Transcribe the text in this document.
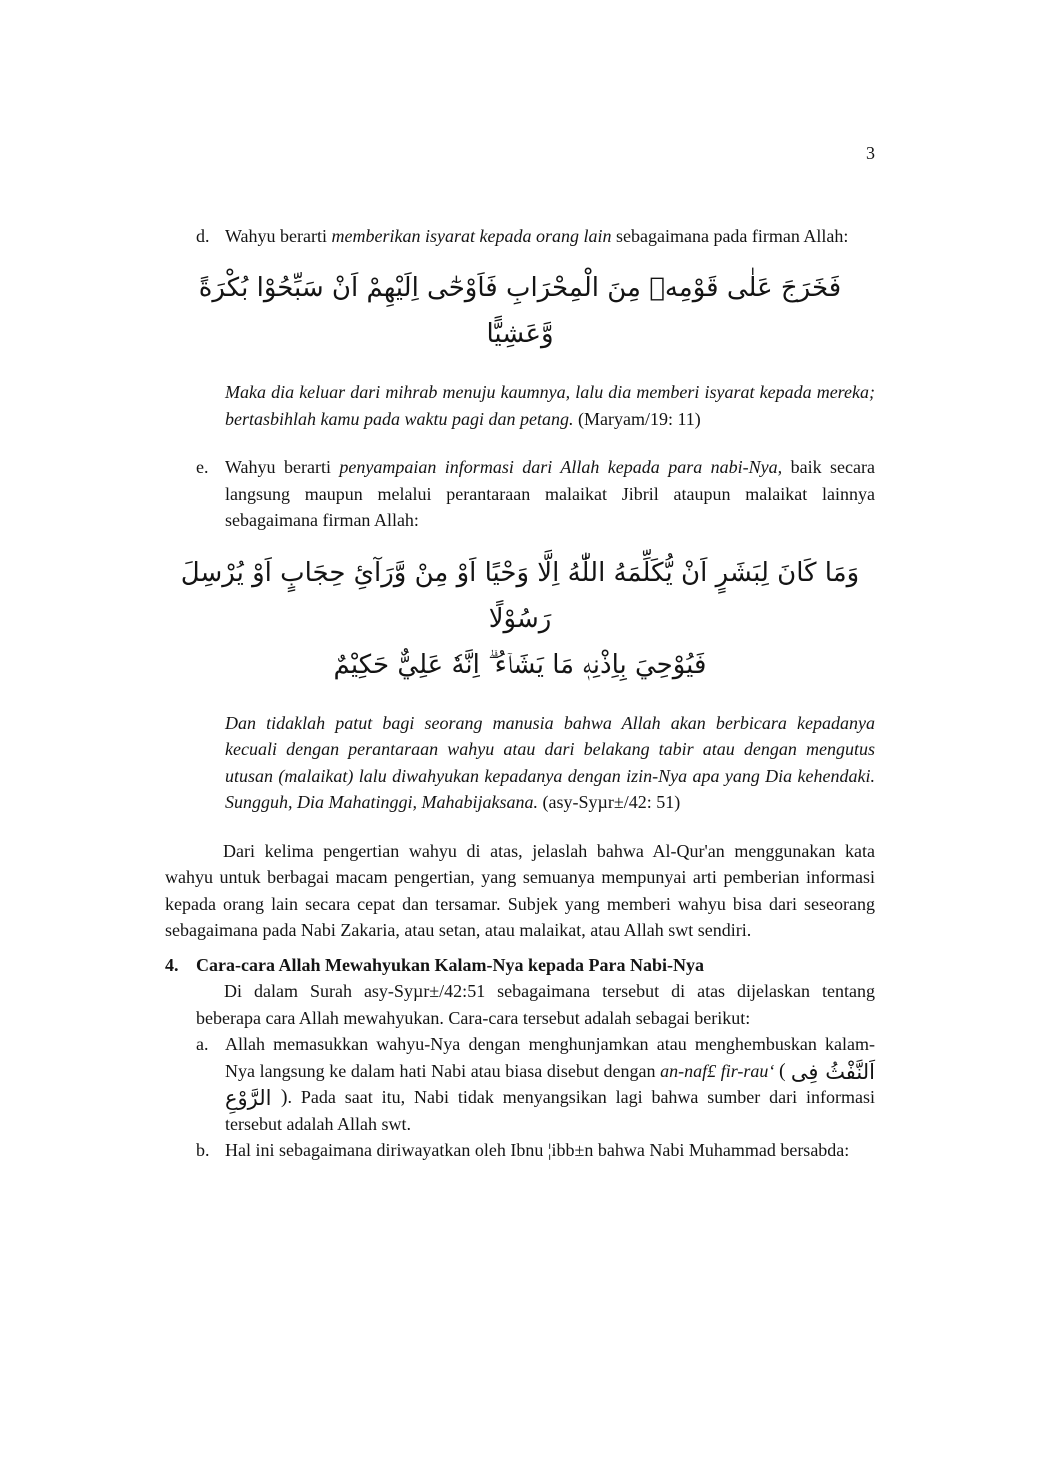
3
d. Wahyu berarti memberikan isyarat kepada orang lain sebagaimana pada firman Allah:
فَخَرَجَ عَلٰى قَوْمِهٖ مِنَ الْمِحْرَابِ فَاَوْحٰٓى اِلَيْهِمْ اَنْ سَبِّحُوْا بُكْرَةً وَّعَشِيًّا
Maka dia keluar dari mihrab menuju kaumnya, lalu dia memberi isyarat kepada mereka; bertasbihlah kamu pada waktu pagi dan petang. (Maryam/19: 11)
e. Wahyu berarti penyampaian informasi dari Allah kepada para nabi-Nya, baik secara langsung maupun melalui perantaraan malaikat Jibril ataupun malaikat lainnya sebagaimana firman Allah:
وَمَا كَانَ لِبَشَرٍ اَنْ يُّكَلِّمَهُ اللّٰهُ اِلَّا وَحْيًا اَوْ مِنْ وَّرَآئِ حِجَابٍ اَوْ يُرْسِلَ رَسُوْلًا
فَيُوْحِيَ بِاِذْنِهٖ مَا يَشَاۤءُ ۗ اِنَّهٗ عَلِيٌّ حَكِيْمٌ
Dan tidaklah patut bagi seorang manusia bahwa Allah akan berbicara kepadanya kecuali dengan perantaraan wahyu atau dari belakang tabir atau dengan mengutus utusan (malaikat) lalu diwahyukan kepadanya dengan izin-Nya apa yang Dia kehendaki. Sungguh, Dia Mahatinggi, Mahabijaksana. (asy-Syµr±/42: 51)
Dari kelima pengertian wahyu di atas, jelaslah bahwa Al-Qur'an menggunakan kata wahyu untuk berbagai macam pengertian, yang semuanya mempunyai arti pemberian informasi kepada orang lain secara cepat dan tersamar. Subjek yang memberi wahyu bisa dari seseorang sebagaimana pada Nabi Zakaria, atau setan, atau malaikat, atau Allah swt sendiri.
4. Cara-cara Allah Mewahyukan Kalam-Nya kepada Para Nabi-Nya
Di dalam Surah asy-Syµr±/42:51 sebagaimana tersebut di atas dijelaskan tentang beberapa cara Allah mewahyukan. Cara-cara tersebut adalah sebagai berikut:
a. Allah memasukkan wahyu-Nya dengan menghunjamkan atau menghembuskan kalam-Nya langsung ke dalam hati Nabi atau biasa disebut dengan an-naf£ fir-rau‘ ( اَلنَّفْثُ فِى الرَّوْعِ ). Pada saat itu, Nabi tidak menyangsikan lagi bahwa sumber dari informasi tersebut adalah Allah swt.
b. Hal ini sebagaimana diriwayatkan oleh Ibnu ¦ibb±n bahwa Nabi Muhammad bersabda:
